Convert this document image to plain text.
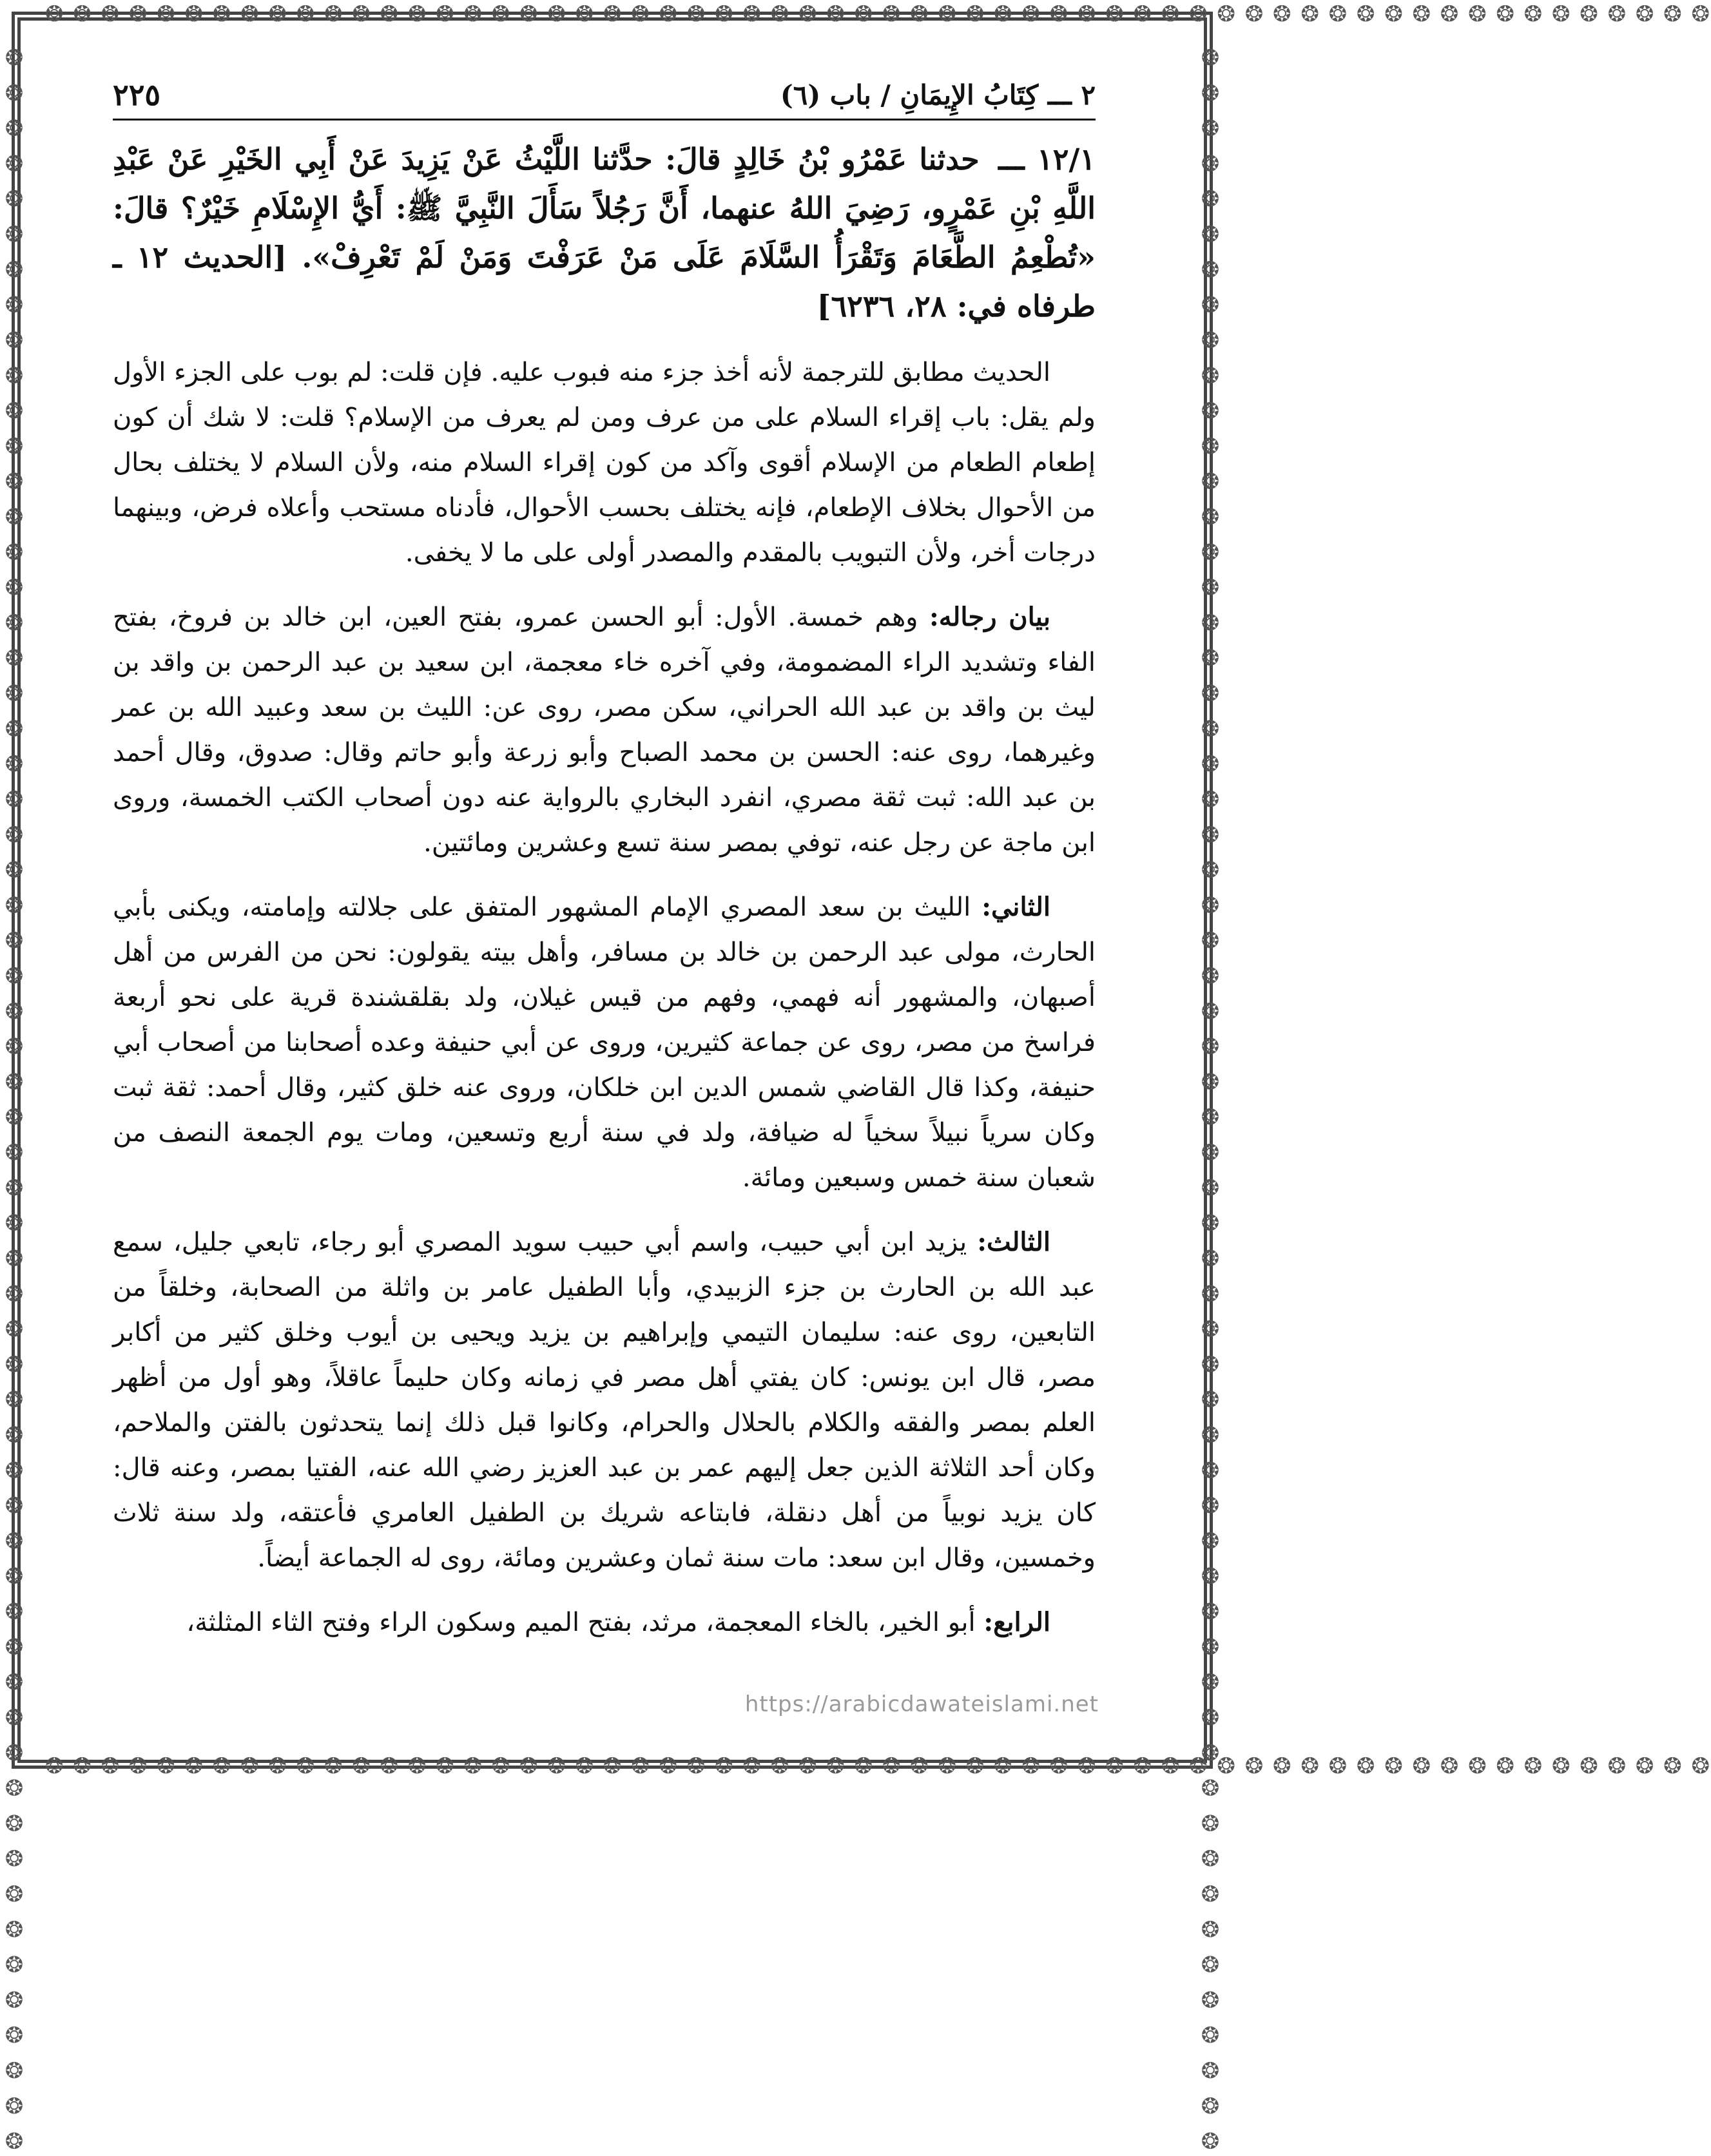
❂ ❂ ❂ ❂ ❂ ❂ ❂ ❂ ❂ ❂ ❂ ❂ ❂ ❂ ❂ ❂ ❂ ❂ ❂ ❂ ❂ ❂ ❂ ❂ ❂ ❂ ❂ ❂ ❂ ❂ ❂ ❂ ❂ ❂ ❂ ❂ ❂ ❂ ❂ ❂ ❂ ❂ ❂ ❂ ❂ ❂ ❂ ❂ ❂ ❂ ❂ ❂ ❂ ❂ ❂ ❂ ❂ ❂ ❂ ❂
❂ ❂ ❂ ❂ ❂ ❂ ❂ ❂ ❂ ❂ ❂ ❂ ❂ ❂ ❂ ❂ ❂ ❂ ❂ ❂ ❂ ❂ ❂ ❂ ❂ ❂ ❂ ❂ ❂ ❂ ❂ ❂ ❂ ❂ ❂ ❂ ❂ ❂ ❂ ❂ ❂ ❂ ❂ ❂ ❂ ❂ ❂ ❂ ❂ ❂ ❂ ❂ ❂ ❂ ❂ ❂ ❂ ❂ ❂ ❂
❂ ❂ ❂ ❂ ❂ ❂ ❂ ❂ ❂ ❂ ❂ ❂ ❂ ❂ ❂ ❂ ❂ ❂ ❂ ❂ ❂ ❂ ❂ ❂ ❂ ❂ ❂ ❂ ❂ ❂ ❂ ❂ ❂ ❂ ❂ ❂ ❂ ❂ ❂ ❂ ❂ ❂ ❂ ❂ ❂ ❂ ❂ ❂ ❂ ❂ ❂ ❂ ❂ ❂ ❂ ❂ ❂ ❂ ❂ ❂	❂ ❂ ❂ ❂ ❂ ❂ ❂ ❂ ❂ ❂ ❂ ❂ ❂ ❂ ❂ ❂ ❂ ❂ ❂ ❂ ❂ ❂ ❂ ❂ ❂ ❂ ❂ ❂ ❂ ❂ ❂ ❂ ❂ ❂ ❂ ❂ ❂ ❂ ❂ ❂ ❂ ❂ ❂ ❂ ❂ ❂ ❂ ❂ ❂ ❂ ❂ ❂ ❂ ❂ ❂ ❂ ❂ ❂ ❂ ❂
٢ ـــ كِتَابُ الإِيمَانِ / باب (٦)
٢٢٥
١٢/١ ـــ حدثنا عَمْرُو بْنُ خَالِدٍ قالَ: حدَّثنا اللَّيْثُ عَنْ يَزِيدَ عَنْ أَبِي الخَيْرِ عَنْ عَبْدِ اللَّهِ بْنِ عَمْرٍو، رَضِيَ اللهُ عنهما، أَنَّ رَجُلاً سَأَلَ النَّبِيَّ ﷺ: أَيُّ الإِسْلَامِ خَيْرٌ؟ قالَ: «تُطْعِمُ الطَّعَامَ وَتَقْرَأُ السَّلَامَ عَلَى مَنْ عَرَفْتَ وَمَنْ لَمْ تَعْرِفْ». [الحديث ١٢ ـ طرفاه في: ٢٨، ٦٢٣٦]

الحديث مطابق للترجمة لأنه أخذ جزء منه فبوب عليه. فإن قلت: لم بوب على الجزء الأول ولم يقل: باب إقراء السلام على من عرف ومن لم يعرف من الإسلام؟ قلت: لا شك أن كون إطعام الطعام من الإسلام أقوى وآكد من كون إقراء السلام منه، ولأن السلام لا يختلف بحال من الأحوال بخلاف الإطعام، فإنه يختلف بحسب الأحوال، فأدناه مستحب وأعلاه فرض، وبينهما درجات أخر، ولأن التبويب بالمقدم والمصدر أولى على ما لا يخفى.

بيان رجاله: وهم خمسة. الأول: أبو الحسن عمرو، بفتح العين، ابن خالد بن فروخ، بفتح الفاء وتشديد الراء المضمومة، وفي آخره خاء معجمة، ابن سعيد بن عبد الرحمن بن واقد بن ليث بن واقد بن عبد الله الحراني، سكن مصر، روى عن: الليث بن سعد وعبيد الله بن عمر وغيرهما، روى عنه: الحسن بن محمد الصباح وأبو زرعة وأبو حاتم وقال: صدوق، وقال أحمد بن عبد الله: ثبت ثقة مصري، انفرد البخاري بالرواية عنه دون أصحاب الكتب الخمسة، وروى ابن ماجة عن رجل عنه، توفي بمصر سنة تسع وعشرين ومائتين.

الثاني: الليث بن سعد المصري الإمام المشهور المتفق على جلالته وإمامته، ويكنى بأبي الحارث، مولى عبد الرحمن بن خالد بن مسافر، وأهل بيته يقولون: نحن من الفرس من أهل أصبهان، والمشهور أنه فهمي، وفهم من قيس غيلان، ولد بقلقشندة قرية على نحو أربعة فراسخ من مصر، روى عن جماعة كثيرين، وروى عن أبي حنيفة وعده أصحابنا من أصحاب أبي حنيفة، وكذا قال القاضي شمس الدين ابن خلكان، وروى عنه خلق كثير، وقال أحمد: ثقة ثبت وكان سرياً نبيلاً سخياً له ضيافة، ولد في سنة أربع وتسعين، ومات يوم الجمعة النصف من شعبان سنة خمس وسبعين ومائة.

الثالث: يزيد ابن أبي حبيب، واسم أبي حبيب سويد المصري أبو رجاء، تابعي جليل، سمع عبد الله بن الحارث بن جزء الزبيدي، وأبا الطفيل عامر بن واثلة من الصحابة، وخلقاً من التابعين، روى عنه: سليمان التيمي وإبراهيم بن يزيد ويحيى بن أيوب وخلق كثير من أكابر مصر، قال ابن يونس: كان يفتي أهل مصر في زمانه وكان حليماً عاقلاً، وهو أول من أظهر العلم بمصر والفقه والكلام بالحلال والحرام، وكانوا قبل ذلك إنما يتحدثون بالفتن والملاحم، وكان أحد الثلاثة الذين جعل إليهم عمر بن عبد العزيز رضي الله عنه، الفتيا بمصر، وعنه قال: كان يزيد نوبياً من أهل دنقلة، فابتاعه شريك بن الطفيل العامري فأعتقه، ولد سنة ثلاث وخمسين، وقال ابن سعد: مات سنة ثمان وعشرين ومائة، روى له الجماعة أيضاً.

الرابع: أبو الخير، بالخاء المعجمة، مرثد، بفتح الميم وسكون الراء وفتح الثاء المثلثة،

https://arabicdawateislami.net
